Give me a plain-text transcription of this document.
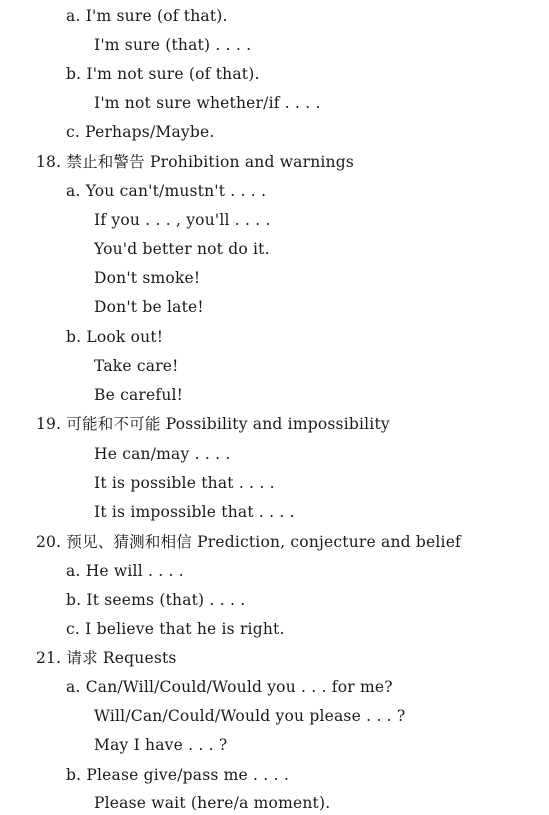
a. I'm sure (of that).
I'm sure (that) . . . .
b. I'm not sure (of that).
I'm not sure whether/if . . . .
c. Perhaps/Maybe.
18. 禁止和警告 Prohibition and warnings
a. You can't/mustn't . . . .
If you . . . , you'll . . . .
You'd better not do it.
Don't smoke!
Don't be late!
b. Look out!
Take care!
Be careful!
19. 可能和不可能 Possibility and impossibility
He can/may . . . .
It is possible that . . . .
It is impossible that . . . .
20. 预见、猜测和相信 Prediction, conjecture and belief
a. He will . . . .
b. It seems (that) . . . .
c. I believe that he is right.
21. 请求 Requests
a. Can/Will/Could/Would you . . . for me?
Will/Can/Could/Would you please . . . ?
May I have . . . ?
b. Please give/pass me . . . .
Please wait (here/a moment).
